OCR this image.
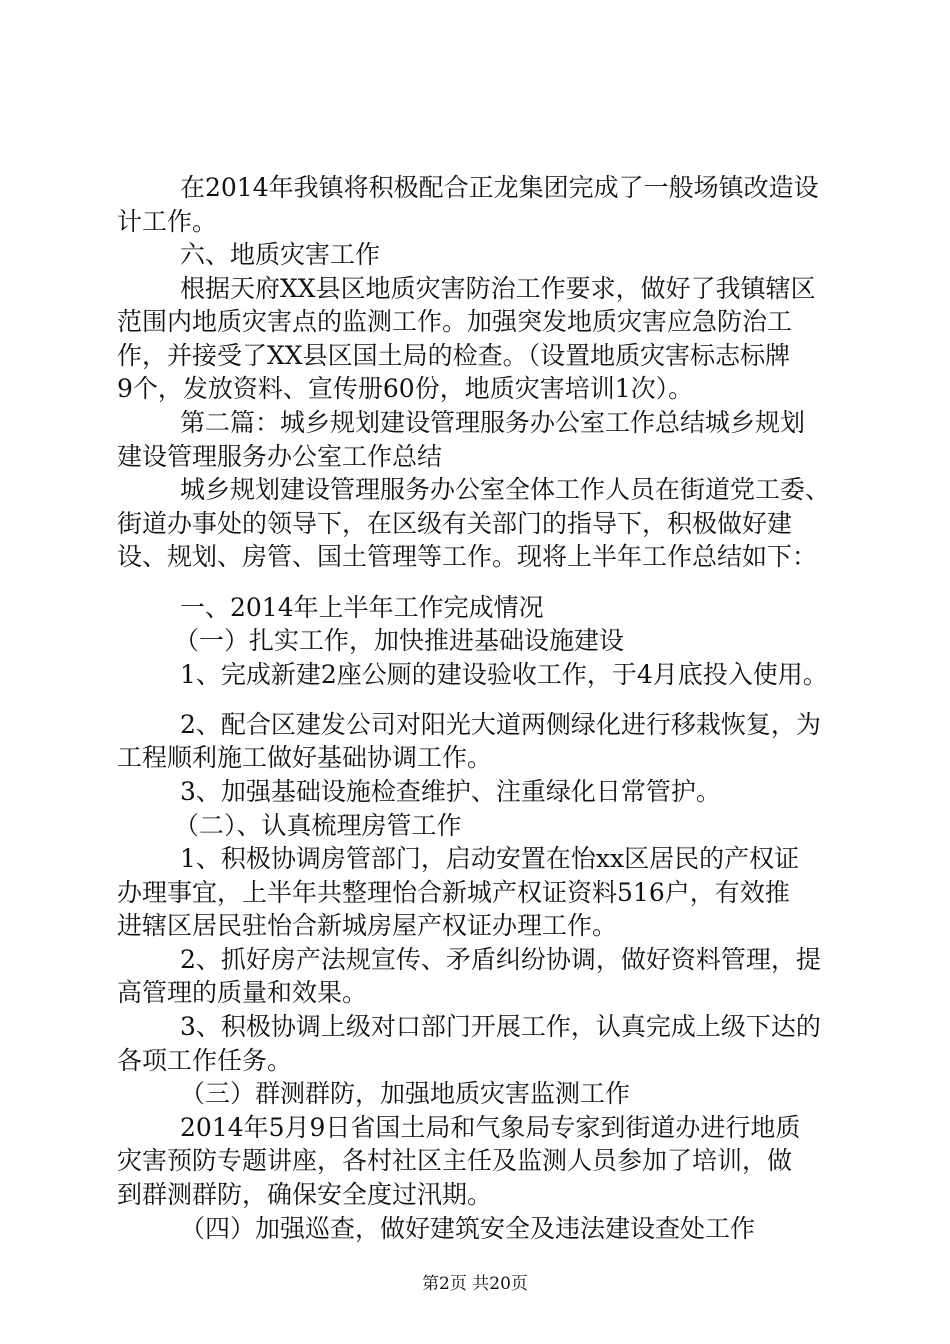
在2014年我镇将积极配合正龙集团完成了一般场镇改造设
计工作。
六、地质灾害工作
根据天府XX县区地质灾害防治工作要求，做好了我镇辖区
范围内地质灾害点的监测工作。加强突发地质灾害应急防治工
作，并接受了XX县区国土局的检查。（设置地质灾害标志标牌
9个，发放资料、宣传册60份，地质灾害培训1次）。
第二篇：城乡规划建设管理服务办公室工作总结城乡规划
建设管理服务办公室工作总结
城乡规划建设管理服务办公室全体工作人员在街道党工委、
街道办事处的领导下，在区级有关部门的指导下，积极做好建
设、规划、房管、国土管理等工作。现将上半年工作总结如下：
一、2014年上半年工作完成情况
（一）扎实工作，加快推进基础设施建设
1、完成新建2座公厕的建设验收工作，于4月底投入使用。
2、配合区建发公司对阳光大道两侧绿化进行移栽恢复，为
工程顺利施工做好基础协调工作。
3、加强基础设施检查维护、注重绿化日常管护。
（二）、认真梳理房管工作
1、积极协调房管部门，启动安置在怡xx区居民的产权证
办理事宜，上半年共整理怡合新城产权证资料516户，有效推
进辖区居民驻怡合新城房屋产权证办理工作。
2、抓好房产法规宣传、矛盾纠纷协调，做好资料管理，提
高管理的质量和效果。
3、积极协调上级对口部门开展工作，认真完成上级下达的
各项工作任务。
（三）群测群防，加强地质灾害监测工作
2014年5月9日省国土局和气象局专家到街道办进行地质
灾害预防专题讲座，各村社区主任及监测人员参加了培训，做
到群测群防，确保安全度过汛期。
（四）加强巡查，做好建筑安全及违法建设查处工作
第2页 共20页
